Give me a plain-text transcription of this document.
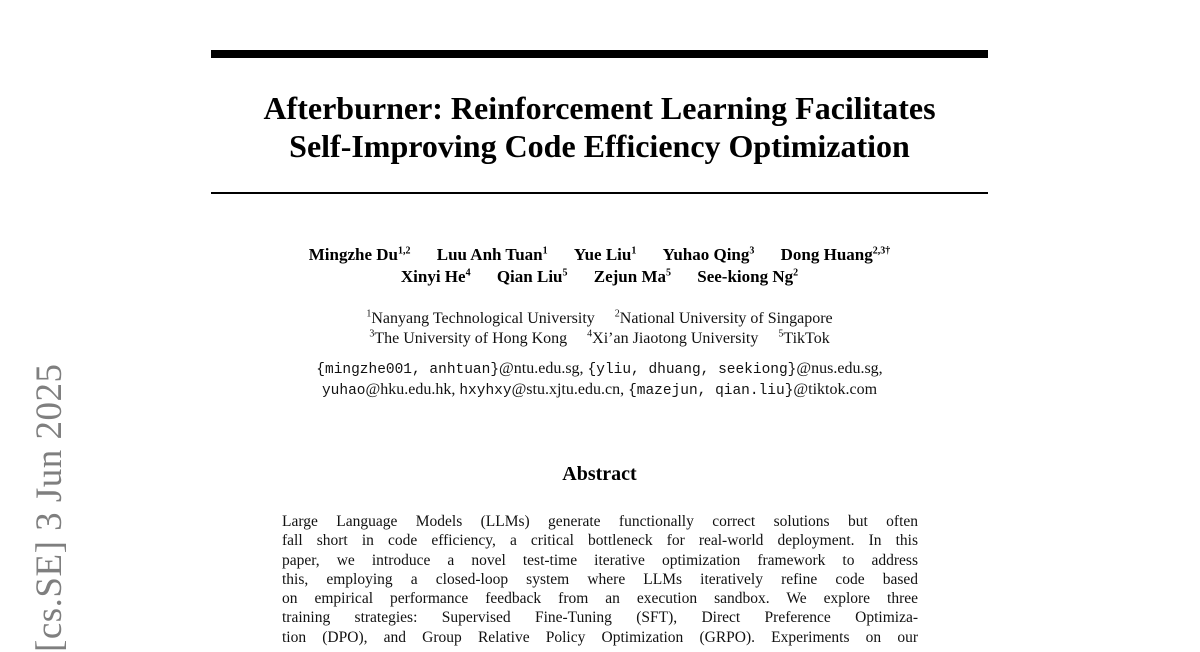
[cs.SE] 3 Jun 2025
Afterburner: Reinforcement Learning Facilitates
Self-Improving Code Efficiency Optimization
Mingzhe Du$^{1,2}$ Luu Anh Tuan$^1$ Yue Liu$^1$ Yuhao Qing$^3$ Dong Huang$^{2,3\dagger}$
Xinyi He$^4$ Qian Liu$^5$ Zejun Ma$^5$ See-kiong Ng$^2$
$^1$Nanyang Technological University $^2$National University of Singapore
$^3$The University of Hong Kong $^4$Xi’an Jiaotong University $^5$TikTok
{mingzhe001, anhtuan}@ntu.edu.sg, {yliu, dhuang, seekiong}@nus.edu.sg,
yuhao@hku.edu.hk, hxyhxy@stu.xjtu.edu.cn, {mazejun, qian.liu}@tiktok.com
Abstract
Large Language Models (LLMs) generate functionally correct solutions but often
fall short in code efficiency, a critical bottleneck for real-world deployment. In this
paper, we introduce a novel test-time iterative optimization framework to address
this, employing a closed-loop system where LLMs iteratively refine code based
on empirical performance feedback from an execution sandbox. We explore three
training strategies: Supervised Fine-Tuning (SFT), Direct Preference Optimiza-
tion (DPO), and Group Relative Policy Optimization (GRPO). Experiments on our
